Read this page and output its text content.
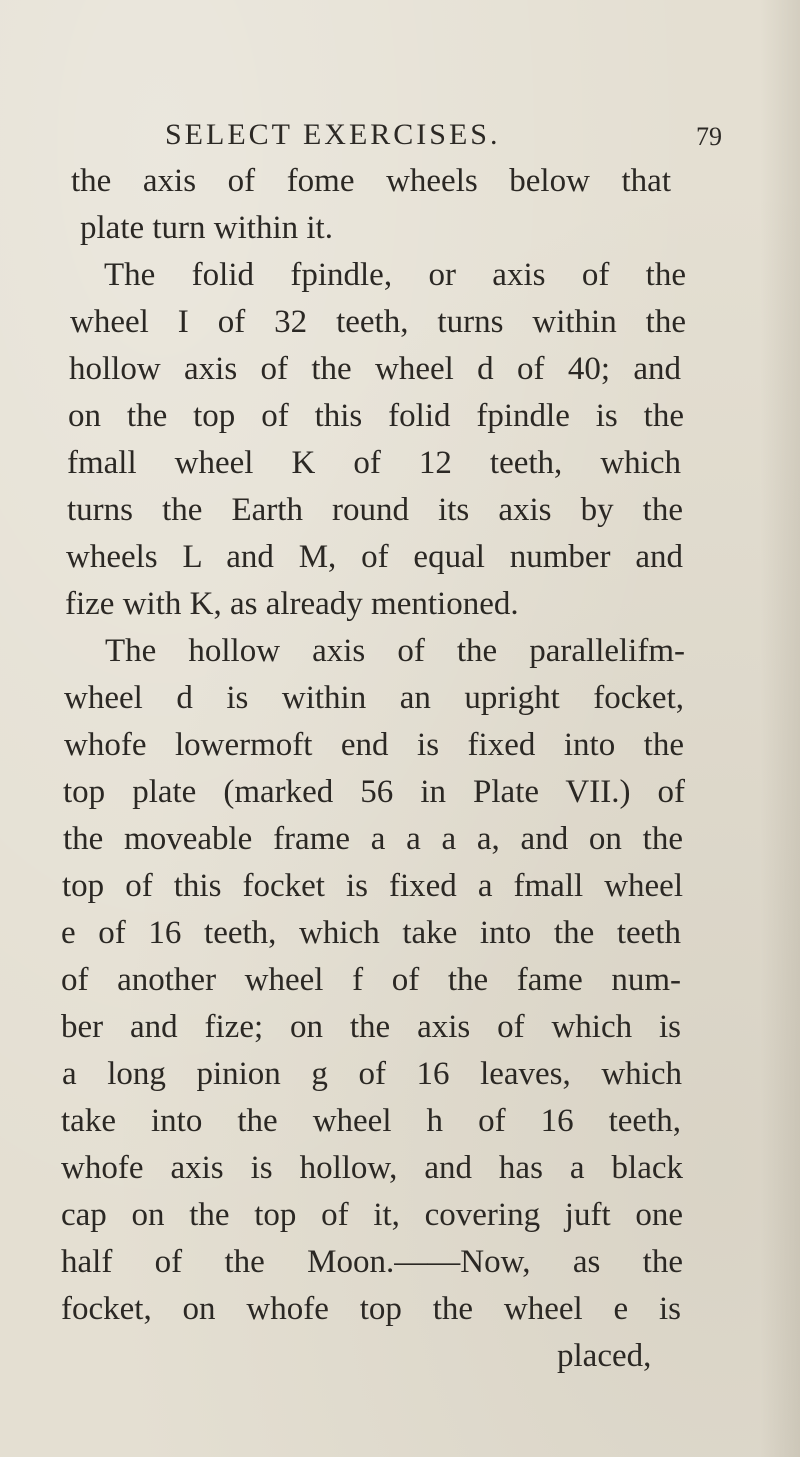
SELECT EXERCISES.	79
the axis of fome wheels below that
plate turn within it.
The folid fpindle, or axis of the
wheel I of 32 teeth, turns within the
hollow axis of the wheel d of 40; and
on the top of this folid fpindle is the
fmall wheel K of 12 teeth, which
turns the Earth round its axis by the
wheels L and M, of equal number and
fize with K, as already mentioned.
The hollow axis of the parallelifm-
wheel d is within an upright focket,
whofe lowermoft end is fixed into the
top plate (marked 56 in Plate VII.) of
the moveable frame a a a a, and on the
top of this focket is fixed a fmall wheel
e of 16 teeth, which take into the teeth
of another wheel f of the fame num-
ber and fize; on the axis of which is
a long pinion g of 16 leaves, which
take into the wheel h of 16 teeth,
whofe axis is hollow, and has a black
cap on the top of it, covering juft one
half of the Moon.——Now, as the
focket, on whofe top the wheel e is
placed,
